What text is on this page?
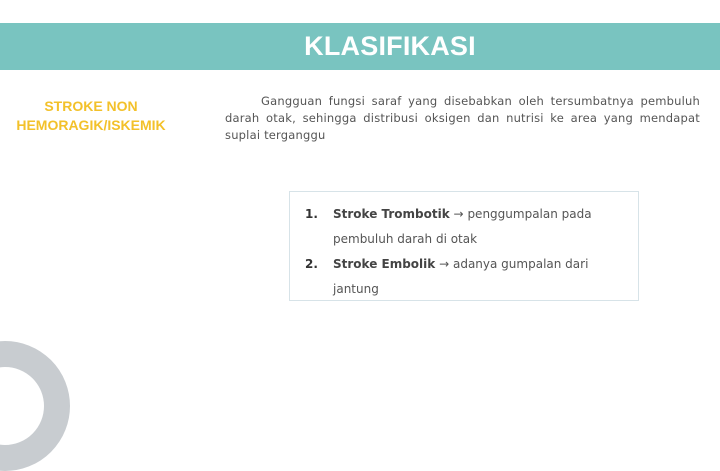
KLASIFIKASI
STROKE NON
HEMORAGIK/ISKEMIK
Gangguan fungsi saraf yang disebabkan oleh tersumbatnya pembuluh darah otak, sehingga distribusi oksigen dan nutrisi ke area yang mendapat suplai terganggu
1. Stroke Trombotik → penggumpalan pada pembuluh darah di otak
2. Stroke Embolik → adanya gumpalan dari jantung
